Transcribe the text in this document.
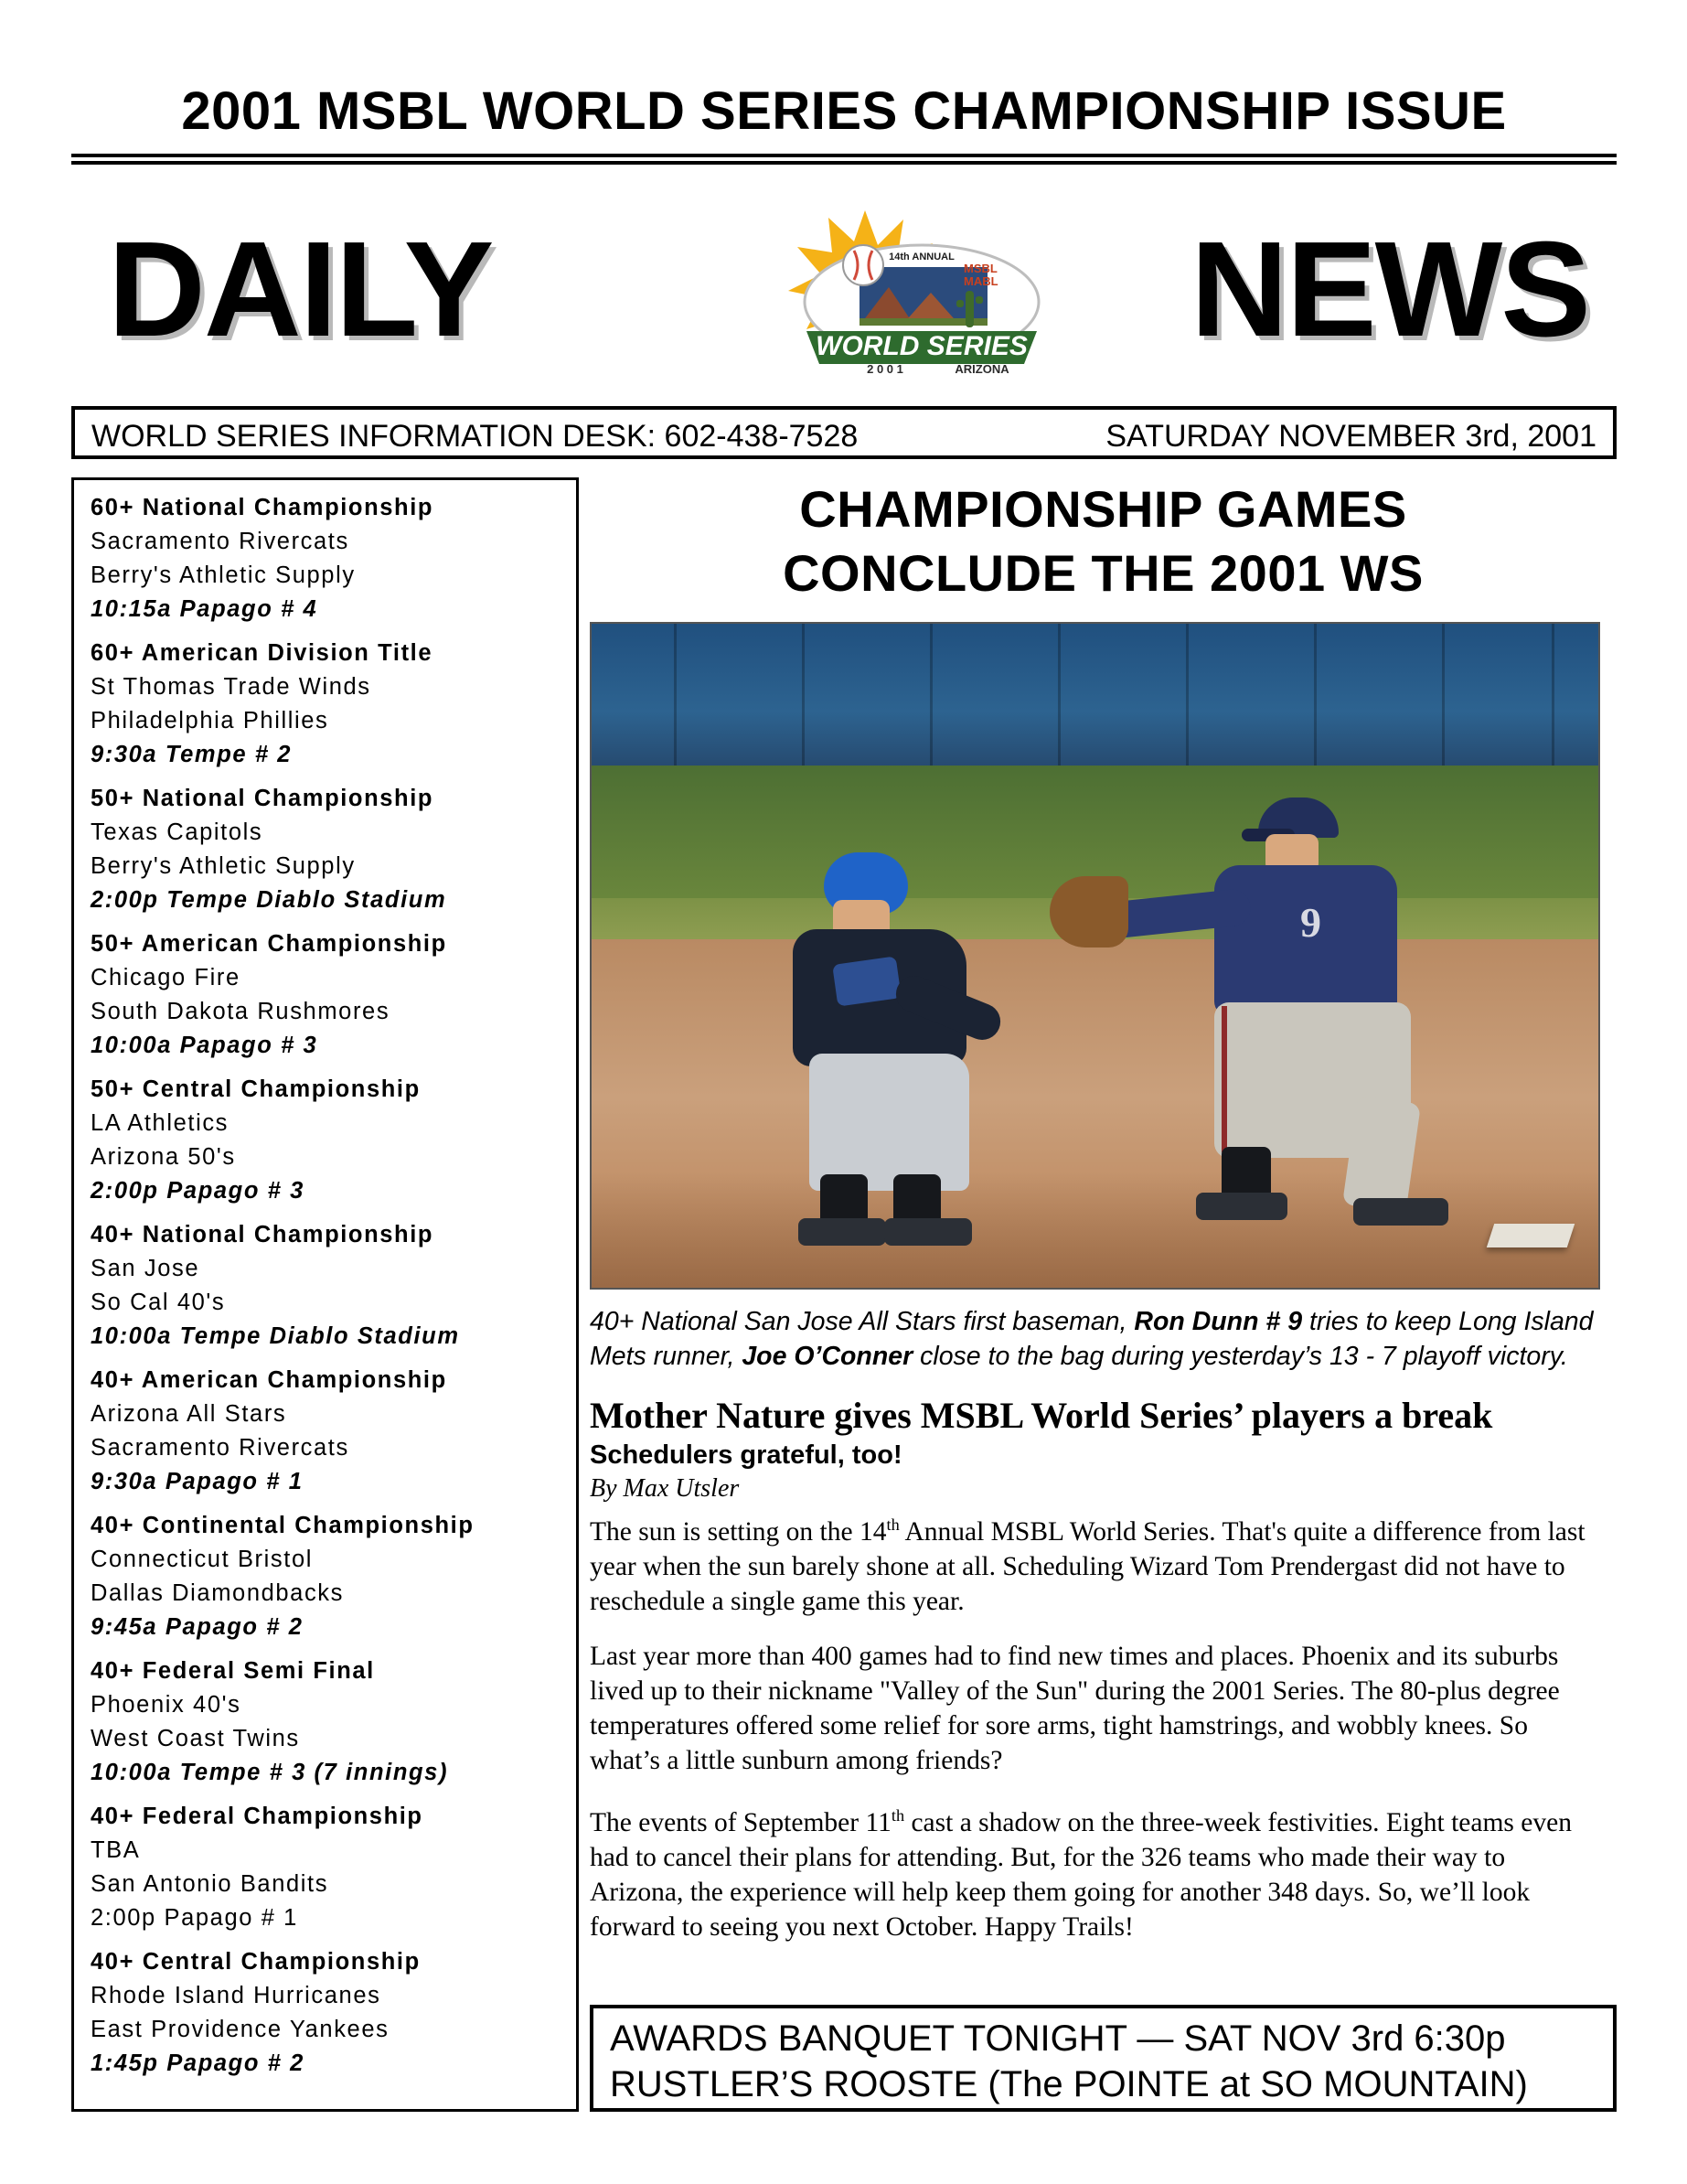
2001 MSBL WORLD SERIES CHAMPIONSHIP ISSUE
DAILY	NEWS
14th ANNUAL
MSBL
MABL
WORLD SERIES
2 0 0 1	ARIZONA
WORLD SERIES INFORMATION DESK: 602-438-7528	SATURDAY NOVEMBER 3rd, 2001
60+ National Championship
Sacramento Rivercats
Berry's Athletic Supply
10:15a Papago # 4
60+ American Division Title
St Thomas Trade Winds
Philadelphia Phillies
9:30a Tempe # 2
50+ National Championship
Texas Capitols
Berry's Athletic Supply
2:00p Tempe Diablo Stadium
50+ American Championship
Chicago Fire
South Dakota Rushmores
10:00a Papago # 3
50+ Central Championship
LA Athletics
Arizona 50's
2:00p Papago # 3
40+ National Championship
San Jose
So Cal 40's
10:00a Tempe Diablo Stadium
40+ American Championship
Arizona All Stars
Sacramento Rivercats
9:30a Papago # 1
40+ Continental Championship
Connecticut Bristol
Dallas Diamondbacks
9:45a Papago # 2
40+ Federal Semi Final
Phoenix 40's
West Coast Twins
10:00a Tempe # 3 (7 innings)
40+ Federal Championship
TBA
San Antonio Bandits
2:00p Papago # 1
40+ Central Championship
Rhode Island Hurricanes
East Providence Yankees
1:45p Papago # 2
CHAMPIONSHIP GAMES
CONCLUDE THE 2001 WS
9
40+ National San Jose All Stars first baseman, Ron Dunn # 9 tries to keep Long Island Mets runner, Joe O’Conner close to the bag during yesterday’s 13 - 7 playoff victory.
Mother Nature gives MSBL World Series’ players a break
Schedulers grateful, too!
By Max Utsler

The sun is setting on the 14th Annual MSBL World Series. That's quite a difference from last year when the sun barely shone at all. Scheduling Wizard Tom Prendergast did not have to reschedule a single game this year.

Last year more than 400 games had to find new times and places. Phoenix and its suburbs lived up to their nickname "Valley of the Sun" during the 2001 Series. The 80-plus degree temperatures offered some relief for sore arms, tight hamstrings, and wobbly knees. So what’s a little sunburn among friends?

The events of September 11th cast a shadow on the three-week festivities. Eight teams even had to cancel their plans for attending. But, for the 326 teams who made their way to Arizona, the experience will help keep them going for another 348 days. So, we’ll look forward to seeing you next October. Happy Trails!

AWARDS BANQUET TONIGHT — SAT NOV 3rd 6:30p
RUSTLER’S ROOSTE (The POINTE at SO MOUNTAIN)
